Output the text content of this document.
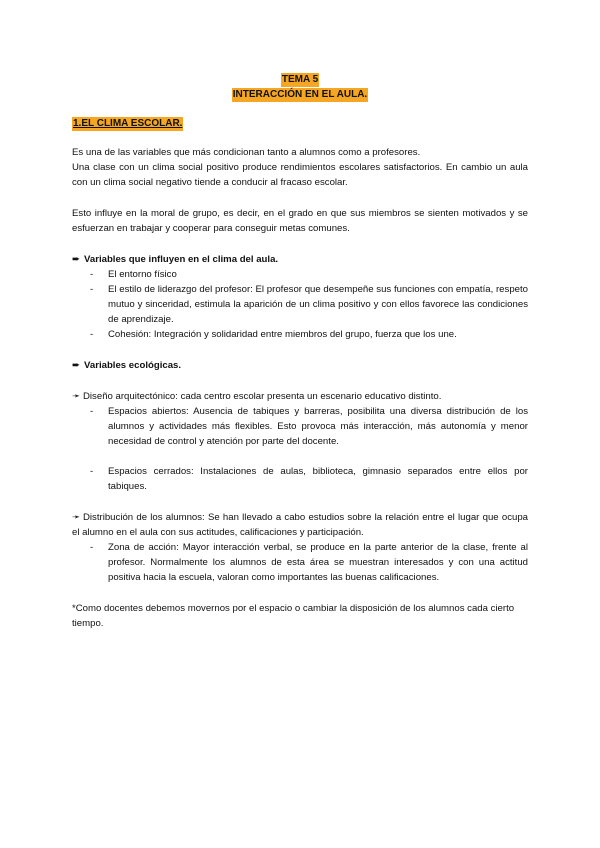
TEMA 5
INTERACCIÓN EN EL AULA.
1.EL CLIMA ESCOLAR.

Es una de las variables que más condicionan tanto a alumnos como a profesores.

Una clase con un clima social positivo produce rendimientos escolares satisfactorios. En cambio un aula con un clima social negativo tiende a conducir al fracaso escolar.

Esto influye en la moral de grupo, es decir, en el grado en que sus miembros se sienten motivados y se esfuerzan en trabajar y cooperar para conseguir metas comunes.

➨ Variables que influyen en el clima del aula.

- El entorno físico
- El estilo de liderazgo del profesor: El profesor que desempeñe sus funciones con empatía, respeto mutuo y sinceridad, estimula la aparición de un clima positivo y con ellos favorece las condiciones de aprendizaje.
- Cohesión: Integración y solidaridad entre miembros del grupo, fuerza que los une.

➨ Variables ecológicas.

➛ Diseño arquitectónico: cada centro escolar presenta un escenario educativo distinto.

- Espacios abiertos: Ausencia de tabiques y barreras, posibilita una diversa distribución de los alumnos y actividades más flexibles. Esto provoca más interacción, más autonomía y menor necesidad de control y atención por parte del docente.
- Espacios cerrados: Instalaciones de aulas, biblioteca, gimnasio separados entre ellos por tabiques.

➛ Distribución de los alumnos: Se han llevado a cabo estudios sobre la relación entre el lugar que ocupa el alumno en el aula con sus actitudes, calificaciones y participación.

- Zona de acción: Mayor interacción verbal, se produce en la parte anterior de la clase, frente al profesor. Normalmente los alumnos de esta área se muestran interesados y con una actitud positiva hacia la escuela, valoran como importantes las buenas calificaciones.

*Como docentes debemos movernos por el espacio o cambiar la disposición de los alumnos cada cierto tiempo.
